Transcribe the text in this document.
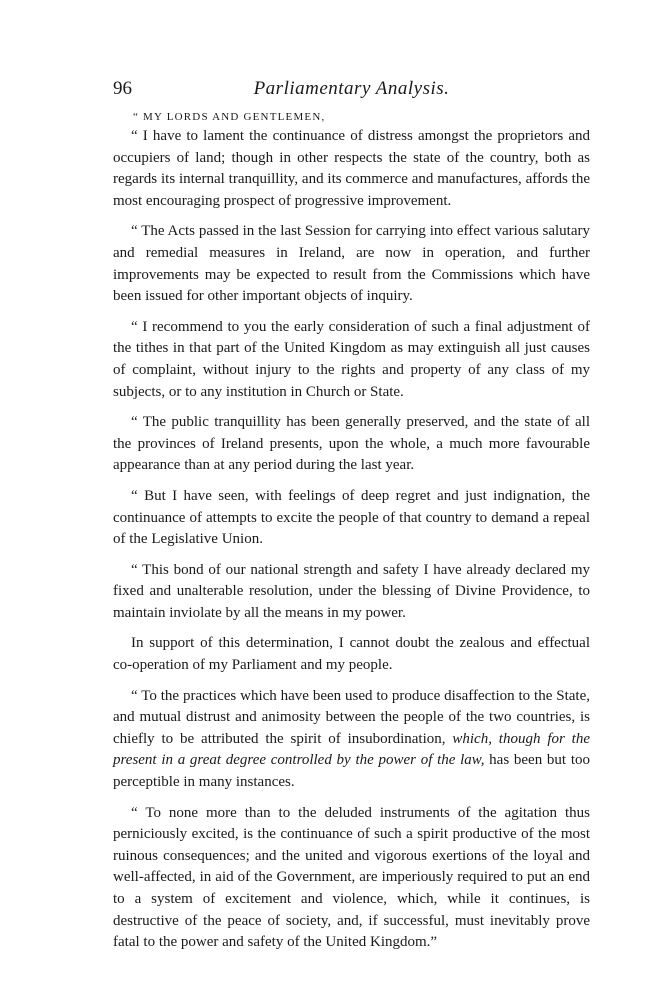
96	Parliamentary Analysis.

“ MY LORDS AND GENTLEMEN,

“ I have to lament the continuance of distress amongst the proprietors and occupiers of land; though in other respects the state of the country, both as regards its internal tranquillity, and its commerce and manufactures, affords the most encouraging prospect of progressive improvement.

“ The Acts passed in the last Session for carrying into effect various salutary and remedial measures in Ireland, are now in operation, and further improvements may be expected to result from the Commissions which have been issued for other important objects of inquiry.

“ I recommend to you the early consideration of such a final adjustment of the tithes in that part of the United Kingdom as may extinguish all just causes of complaint, without injury to the rights and property of any class of my subjects, or to any institution in Church or State.

“ The public tranquillity has been generally preserved, and the state of all the provinces of Ireland presents, upon the whole, a much more favourable appearance than at any period during the last year.

“ But I have seen, with feelings of deep regret and just indignation, the continuance of attempts to excite the people of that country to demand a repeal of the Legislative Union.

“ This bond of our national strength and safety I have already declared my fixed and unalterable resolution, under the blessing of Divine Providence, to maintain inviolate by all the means in my power.

In support of this determination, I cannot doubt the zealous and effectual co-operation of my Parliament and my people.

“ To the practices which have been used to produce disaffection to the State, and mutual distrust and animosity between the people of the two countries, is chiefly to be attributed the spirit of insubordination, which, though for the present in a great degree controlled by the power of the law, has been but too perceptible in many instances.

“ To none more than to the deluded instruments of the agitation thus perniciously excited, is the continuance of such a spirit productive of the most ruinous consequences; and the united and vigorous exertions of the loyal and well-affected, in aid of the Government, are imperiously required to put an end to a system of excitement and violence, which, while it continues, is destructive of the peace of society, and, if successful, must inevitably prove fatal to the power and safety of the United Kingdom.”
